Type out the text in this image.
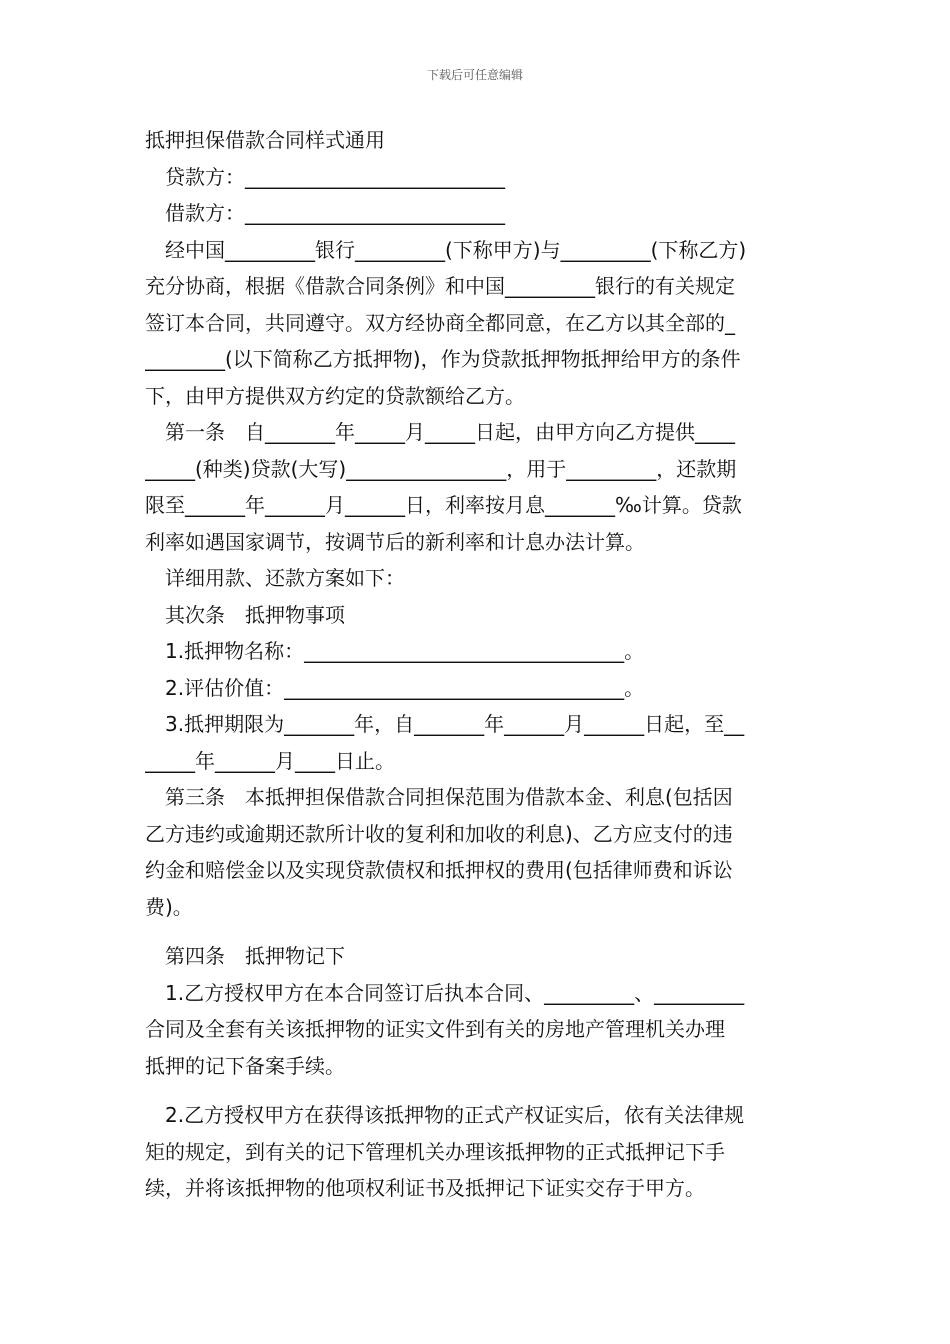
下载后可任意编辑
抵押担保借款合同样式通用
　贷款方：__________________________
　借款方：__________________________
　经中国_________银行_________(下称甲方)与_________(下称乙方)
充分协商，根据《借款合同条例》和中国_________银行的有关规定
签订本合同，共同遵守。双方经协商全都同意，在乙方以其全部的_
________(以下简称乙方抵押物)，作为贷款抵押物抵押给甲方的条件
下，由甲方提供双方约定的贷款额给乙方。
　第一条　自_______年_____月_____日起，由甲方向乙方提供____
_____(种类)贷款(大写)________________，用于_________，还款期
限至______年______月______日，利率按月息_______‰计算。贷款
利率如遇国家调节，按调节后的新利率和计息办法计算。
　详细用款、还款方案如下：
　其次条　抵押物事项
　1.抵押物名称：________________________________。
　2.评估价值：__________________________________。
　3.抵押期限为_______年，自_______年______月______日起，至__
_____年______月____日止。
　第三条　本抵押担保借款合同担保范围为借款本金、利息(包括因
乙方违约或逾期还款所计收的复利和加收的利息)、乙方应支付的违
约金和赔偿金以及实现贷款债权和抵押权的费用(包括律师费和诉讼
费)。
　第四条　抵押物记下
　1.乙方授权甲方在本合同签订后执本合同、_________、_________
合同及全套有关该抵押物的证实文件到有关的房地产管理机关办理
抵押的记下备案手续。
　2.乙方授权甲方在获得该抵押物的正式产权证实后，依有关法律规
矩的规定，到有关的记下管理机关办理该抵押物的正式抵押记下手
续，并将该抵押物的他项权利证书及抵押记下证实交存于甲方。
